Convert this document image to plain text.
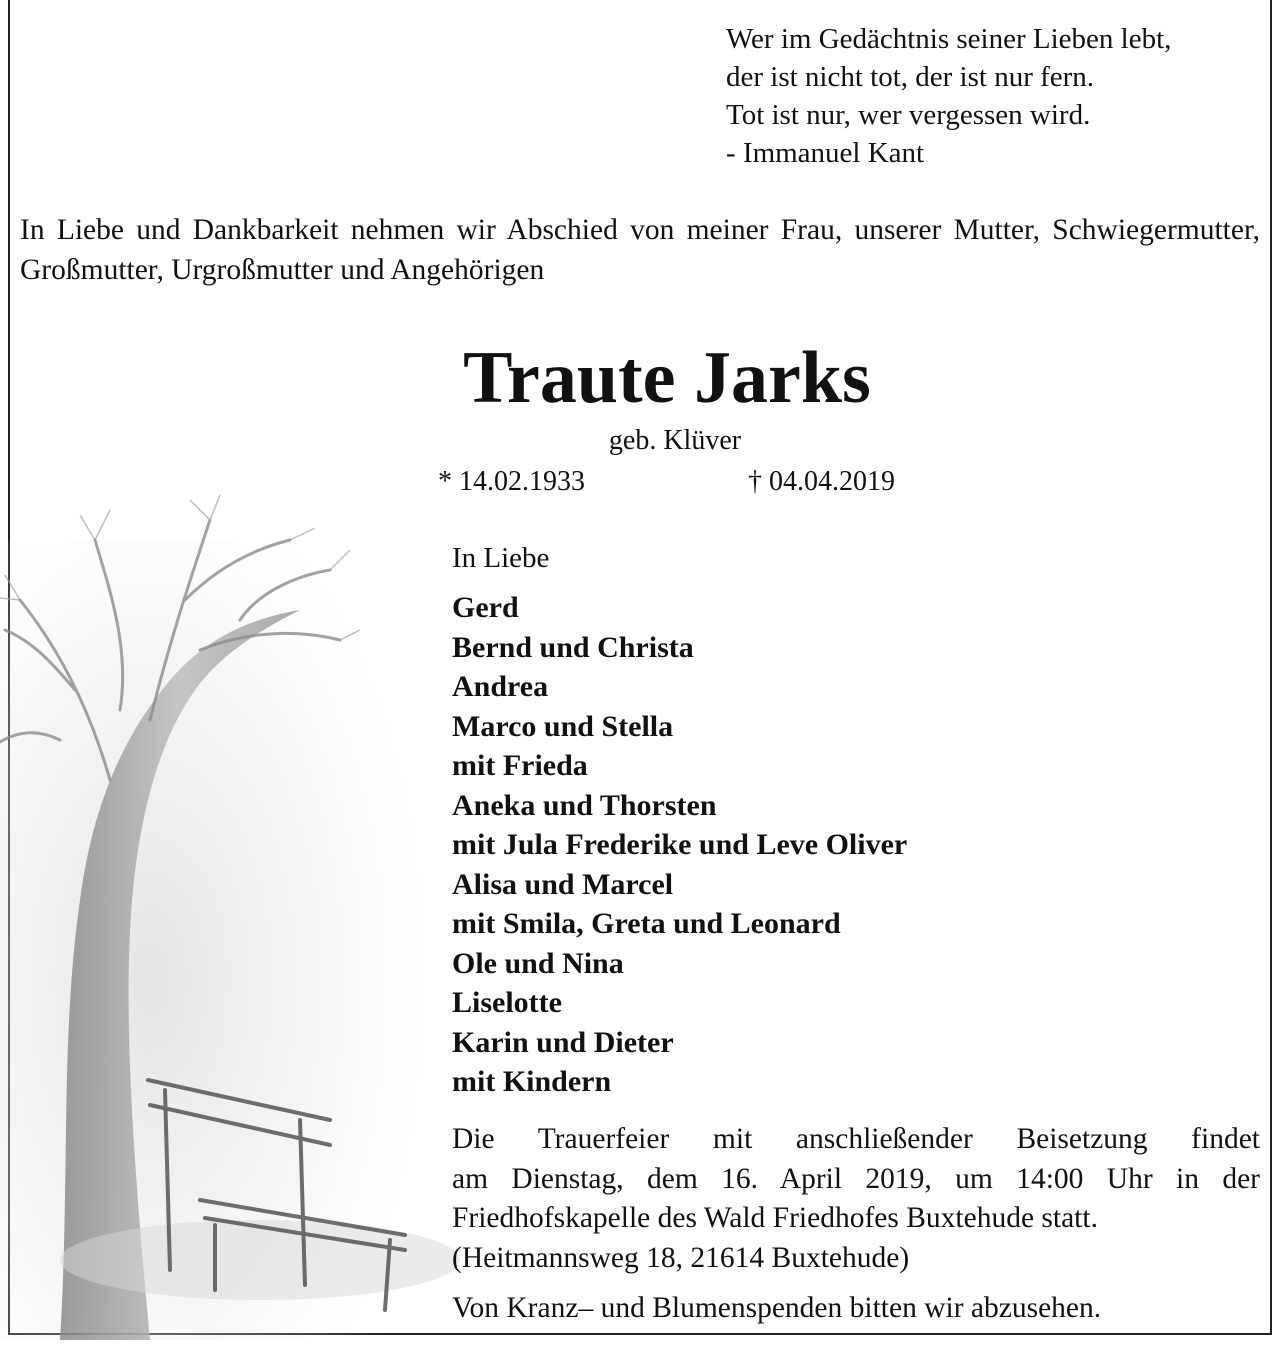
Wer im Gedächtnis seiner Lieben lebt,
der ist nicht tot, der ist nur fern.
Tot ist nur, wer vergessen wird.
- Immanuel Kant
In Liebe und Dankbarkeit nehmen wir Abschied von meiner Frau, unserer Mutter, Schwiegermutter, Großmutter, Urgroßmutter und Angehörigen
Traute Jarks
geb. Klüver
* 14.02.1933	† 04.04.2019
In Liebe
Gerd
Bernd und Christa
Andrea
Marco und Stella
mit Frieda
Aneka und Thorsten
mit Jula Frederike und Leve Oliver
Alisa und Marcel
mit Smila, Greta und Leonard
Ole und Nina
Liselotte
Karin und Dieter
mit Kindern
Die Trauerfeier mit anschließender Beisetzung findet
am Dienstag, dem 16. April 2019, um 14:00 Uhr in der
Friedhofskapelle des Wald Friedhofes Buxtehude statt.
(Heitmannsweg 18, 21614 Buxtehude)
Von Kranz– und Blumenspenden bitten wir abzusehen.
